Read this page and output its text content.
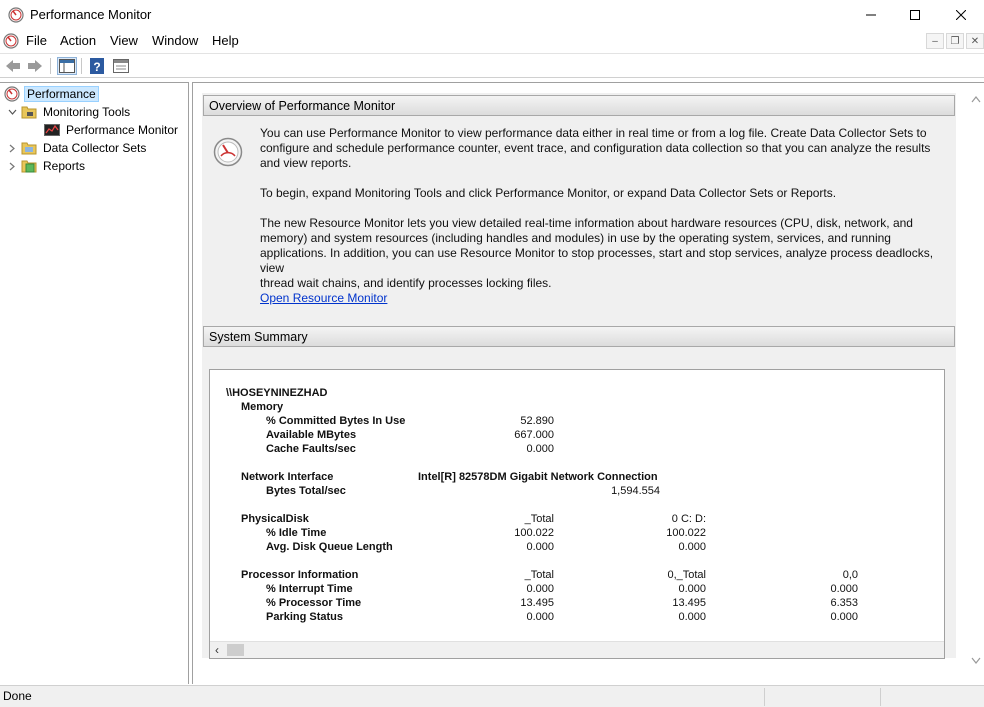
Performance Monitor
File Action View Window Help	– ❐ ✕
?
Performance
Monitoring Tools
Performance Monitor
Data Collector Sets
Reports
Overview of Performance Monitor
You can use Performance Monitor to view performance data either in real time or from a log file. Create Data Collector Sets to
configure and schedule performance counter, event trace, and configuration data collection so that you can analyze the results
and view reports.
To begin, expand Monitoring Tools and click Performance Monitor, or expand Data Collector Sets or Reports.
The new Resource Monitor lets you view detailed real-time information about hardware resources (CPU, disk, network, and
memory) and system resources (including handles and modules) in use by the operating system, services, and running
applications. In addition, you can use Resource Monitor to stop processes, start and stop services, analyze process deadlocks, view
thread wait chains, and identify processes locking files.
Open Resource Monitor
System Summary
\\HOSEYNINEZHAD
Memory
% Committed Bytes In Use	52.890
Available MBytes	667.000
Cache Faults/sec	0.000
Network Interface	Intel[R] 82578DM Gigabit Network Connection
Bytes Total/sec	1,594.554
PhysicalDisk	_Total	0 C: D:
% Idle Time	100.022	100.022
Avg. Disk Queue Length	0.000	0.000
Processor Information	_Total	0,_Total	0,0
% Interrupt Time	0.000	0.000	0.000
% Processor Time	13.495	13.495	6.353
Parking Status	0.000	0.000	0.000
‹
Done
